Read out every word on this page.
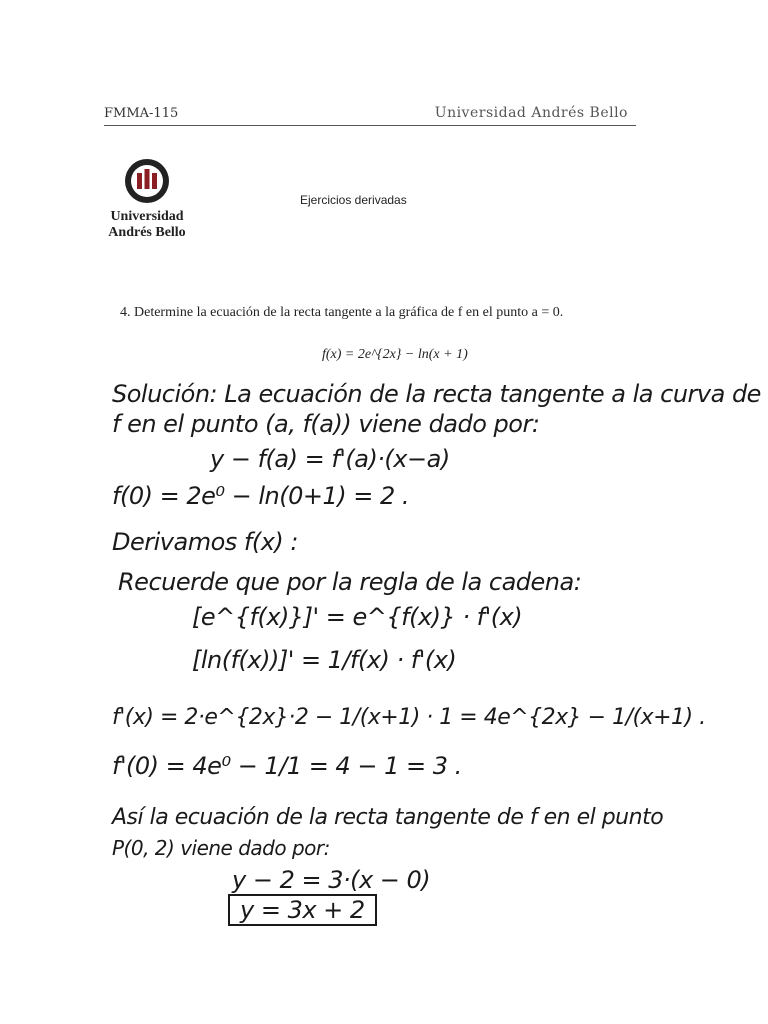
FMMA-115	Universidad Andrés Bello
Universidad
Andrés Bello
Ejercicios derivadas
4. Determine la ecuación de la recta tangente a la gráfica de f en el punto a = 0.
f(x) = 2e^{2x} − ln(x + 1)
Solución: La ecuación de la recta tangente a la curva de
f en el punto (a, f(a)) viene dado por:
y − f(a) = f'(a)·(x−a)
f(0) = 2e⁰ − ln(0+1) = 2 .
Derivamos f(x) :
Recuerde que por la regla de la cadena:
[e^{f(x)}]' = e^{f(x)} · f'(x)
[ln(f(x))]' = 1/f(x) · f'(x)
f'(x) = 2·e^{2x}·2 − 1/(x+1) · 1 = 4e^{2x} − 1/(x+1) .
f'(0) = 4e⁰ − 1/1 = 4 − 1 = 3 .
Así la ecuación de la recta tangente de f en el punto
P(0, 2) viene dado por:
y − 2 = 3·(x − 0)
y = 3x + 2
